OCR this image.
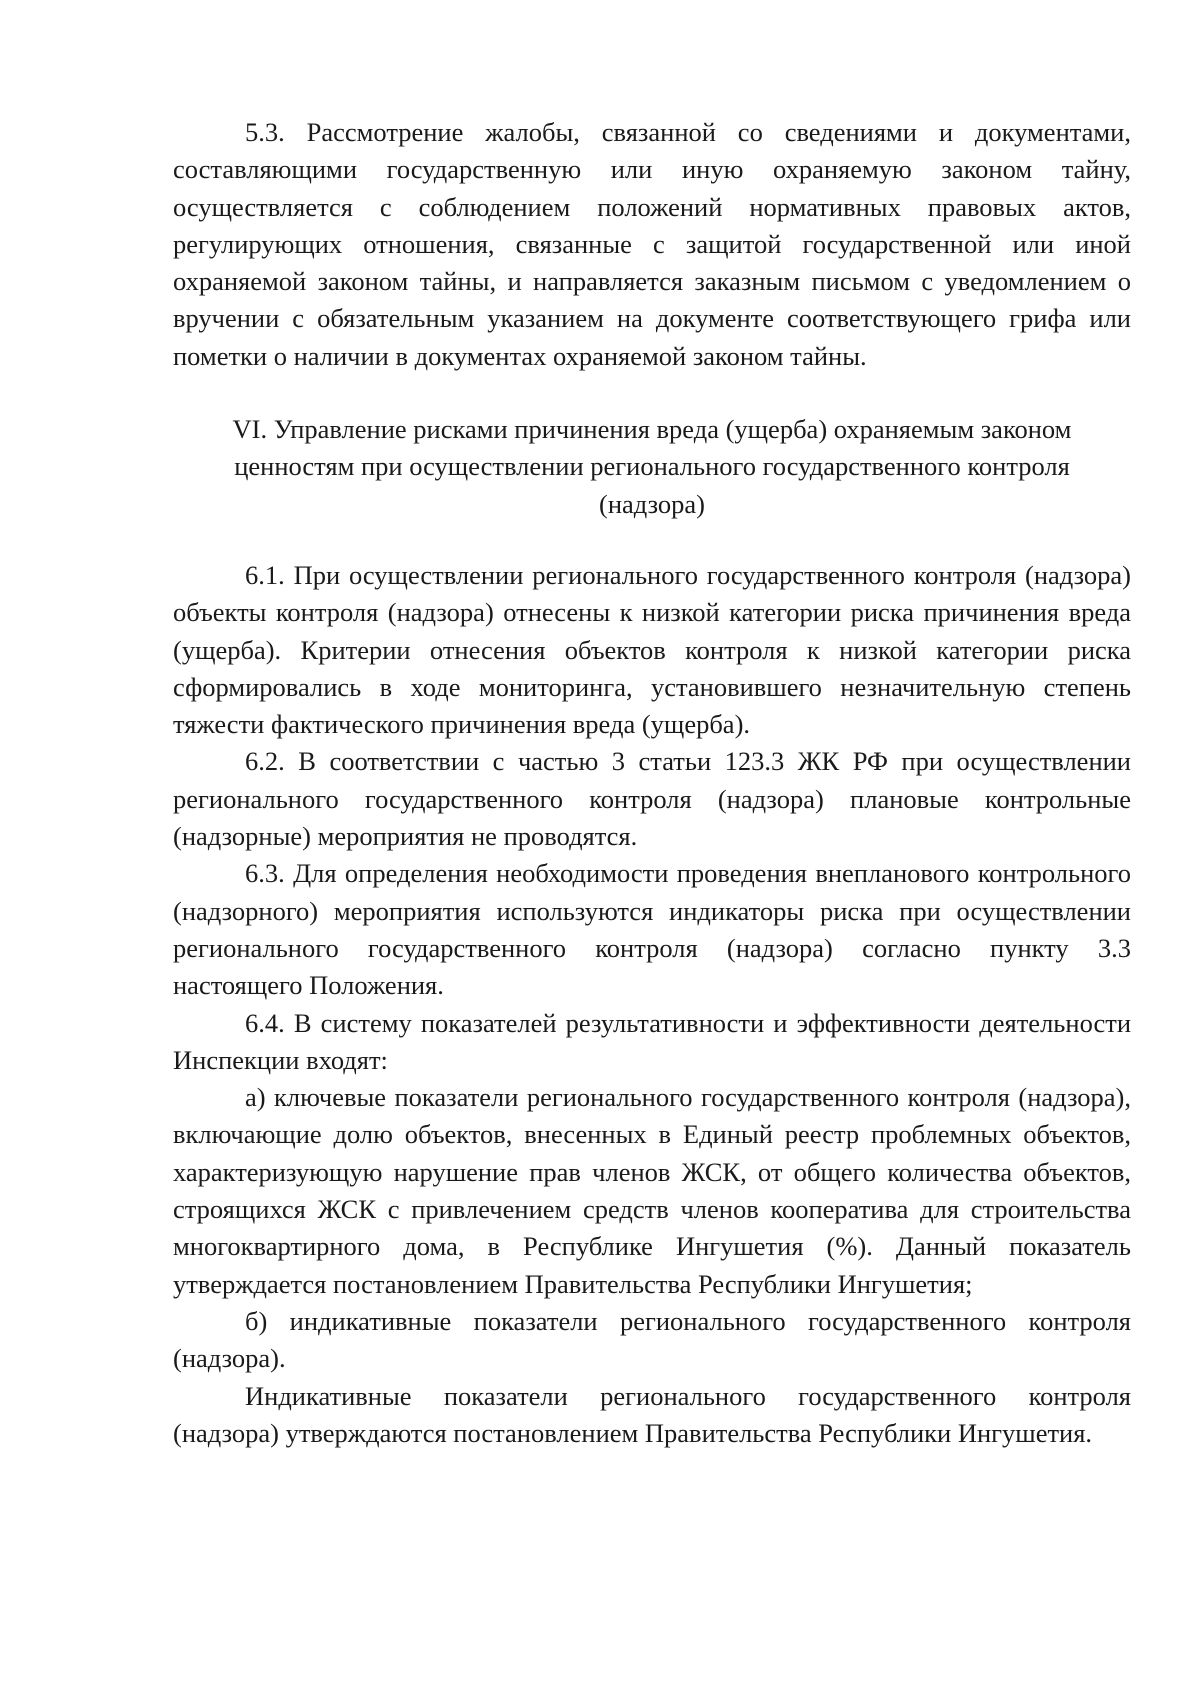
5.3. Рассмотрение жалобы, связанной со сведениями и документами, составляющими государственную или иную охраняемую законом тайну, осуществляется с соблюдением положений нормативных правовых актов, регулирующих отношения, связанные с защитой государственной или иной охраняемой законом тайны, и направляется заказным письмом с уведомлением о вручении с обязательным указанием на документе соответствующего грифа или пометки о наличии в документах охраняемой законом тайны.

VI. Управление рисками причинения вреда (ущерба) охраняемым законом ценностям при осуществлении регионального государственного контроля (надзора)

6.1. При осуществлении регионального государственного контроля (надзора) объекты контроля (надзора) отнесены к низкой категории риска причинения вреда (ущерба). Критерии отнесения объектов контроля к низкой категории риска сформировались в ходе мониторинга, установившего незначительную степень тяжести фактического причинения вреда (ущерба).

6.2. В соответствии с частью 3 статьи 123.3 ЖК РФ при осуществлении регионального государственного контроля (надзора) плановые контрольные (надзорные) мероприятия не проводятся.

6.3. Для определения необходимости проведения внепланового контрольного (надзорного) мероприятия используются индикаторы риска при осуществлении регионального государственного контроля (надзора) согласно пункту 3.3 настоящего Положения.

6.4. В систему показателей результативности и эффективности деятельности Инспекции входят:

а) ключевые показатели регионального государственного контроля (надзора), включающие долю объектов, внесенных в Единый реестр проблемных объектов, характеризующую нарушение прав членов ЖСК, от общего количества объектов, строящихся ЖСК с привлечением средств членов кооператива для строительства многоквартирного дома, в Республике Ингушетия (%). Данный показатель утверждается постановлением Правительства Республики Ингушетия;

б) индикативные показатели регионального государственного контроля (надзора).

Индикативные показатели регионального государственного контроля (надзора) утверждаются постановлением Правительства Республики Ингушетия.
